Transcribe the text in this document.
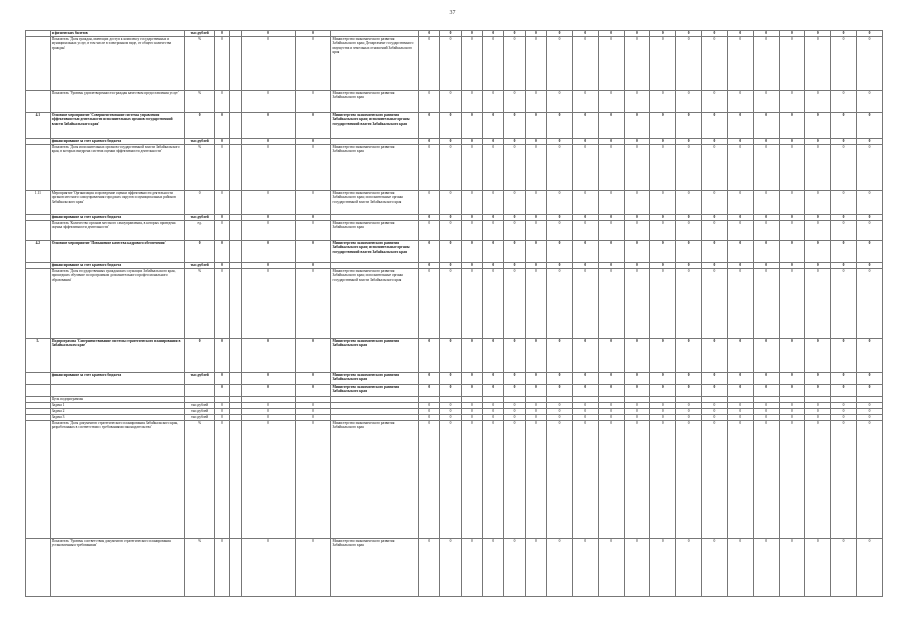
37
	и физических билетов	тыс.рублей	0		0	0		0	0	0	0	0	0	0	0	0	0	0	0	0	0	0	0	0	0	0
	Показатель 'Доля граждан, имеющих доступ к комплексу государственных и муниципальных услуг, в том числе в электронном виде, от общего количества граждан'	%	0		0	0	Министерство экономического развития Забайкальского края; Департамент государственного имущества и земельных отношений Забайкальского края	0	0	0	0	0	0	0	0	0	0	0	0	0	0	0	0	0	0	0
	Показатель 'Уровень удовлетворенности граждан качеством предоставления услуг'	%	0		0	0	Министерство экономического развития Забайкальского края	0	0	0	0	0	0	0	0	0	0	0	0	0	0	0	0	0	0	0
4.1	Основное мероприятие 'Совершенствование системы управления эффективностью деятельности исполнительных органов государственной власти Забайкальского края'	0	0		0	0	Министерство экономического развития Забайкальского края; исполнительные органы государственной власти Забайкальского края	0	0	0	0	0	0	0	0	0	0	0	0	0	0	0	0	0	0	0
	финансирование за счет краевого бюджета	тыс.рублей	0		0	0		0	0	0	0	0	0	0	0	0	0	0	0	0	0	0	0	0	0	0
	Показатель 'Доля исполнительных органов государственной власти Забайкальского края, в которых внедрена система оценки эффективности деятельности'	%	0		0	0	Министерство экономического развития Забайкальского края	0	0	0	0	0	0	0	0	0	0	0	0	0	0	0	0	0	0	0
1.11	Мероприятие 'Организация и проведение оценки эффективности деятельности органов местного самоуправления городских округов и муниципальных районов Забайкальского края'	0	0		0	0	Министерство экономического развития Забайкальского края; исполнительные органы государственной власти Забайкальского края	0	0	0	0	0	0	0	0	0	0	0	0	0	0	0	0	0	0	0
	финансирование за счет краевого бюджета	тыс.рублей	0		0	0		0	0	0	0	0	0	0	0	0	0	0	0	0	0	0	0	0	0	0
	Показатель 'Количество органов местного самоуправления, в которых проведена оценка эффективности деятельности'	ед.	0		0	0	Министерство экономического развития Забайкальского края	0	0	0	0	0	0	0	0	0	0	0	0	0	0	0	0	0	0	0
4.2	Основное мероприятие 'Повышение качества кадрового обеспечения'	0	0		0	0	Министерство экономического развития Забайкальского края; исполнительные органы государственной власти Забайкальского края	0	0	0	0	0	0	0	0	0	0	0	0	0	0	0	0	0	0	0
	финансирование за счет краевого бюджета	тыс.рублей	0		0	0		0	0	0	0	0	0	0	0	0	0	0	0	0	0	0	0	0	0	0
	Показатель 'Доля государственных гражданских служащих Забайкальского края, прошедших обучение по программам дополнительного профессионального образования'	%	0		0	0	Министерство экономического развития Забайкальского края; исполнительные органы государственной власти Забайкальского края	0	0	0	0	0	0	0	0	0	0	0	0	0	0	0	0	0	0	0
5.	Подпрограмма 'Совершенствование системы стратегического планирования в Забайкальском крае'	0	0		0	0	Министерство экономического развития Забайкальского края	0	0	0	0	0	0	0	0	0	0	0	0	0	0	0	0	0	0	0
	финансирование за счет краевого бюджета	тыс.рублей	0		0	0	Министерство экономического развития Забайкальского края	0	0	0	0	0	0	0	0	0	0	0	0	0	0	0	0	0	0	0
			0		0	0	Министерство экономического развития Забайкальского края	0	0	0	0	0	0	0	0	0	0	0	0	0	0	0	0	0	0	0
	Цель подпрограммы																									
	Задача 1	тыс.рублей	0		0	0		0	0	0	0	0	0	0	0	0	0	0	0	0	0	0	0	0	0	0
	Задача 2	тыс.рублей	0		0	0		0	0	0	0	0	0	0	0	0	0	0	0	0	0	0	0	0	0	0
	Задача 3	тыс.рублей	0		0	0		0	0	0	0	0	0	0	0	0	0	0	0	0	0	0	0	0	0	0
	Показатель 'Доля документов стратегического планирования Забайкальского края, разработанных в соответствии с требованиями законодательства'	%	0		0	0	Министерство экономического развития Забайкальского края	0	0	0	0	0	0	0	0	0	0	0	0	0	0	0	0	0	0	0
	Показатель 'Уровень соответствия документов стратегического планирования установленным требованиям'	%	0		0	0	Министерство экономического развития Забайкальского края	0	0	0	0	0	0	0	0	0	0	0	0	0	0	0	0	0	0	0
